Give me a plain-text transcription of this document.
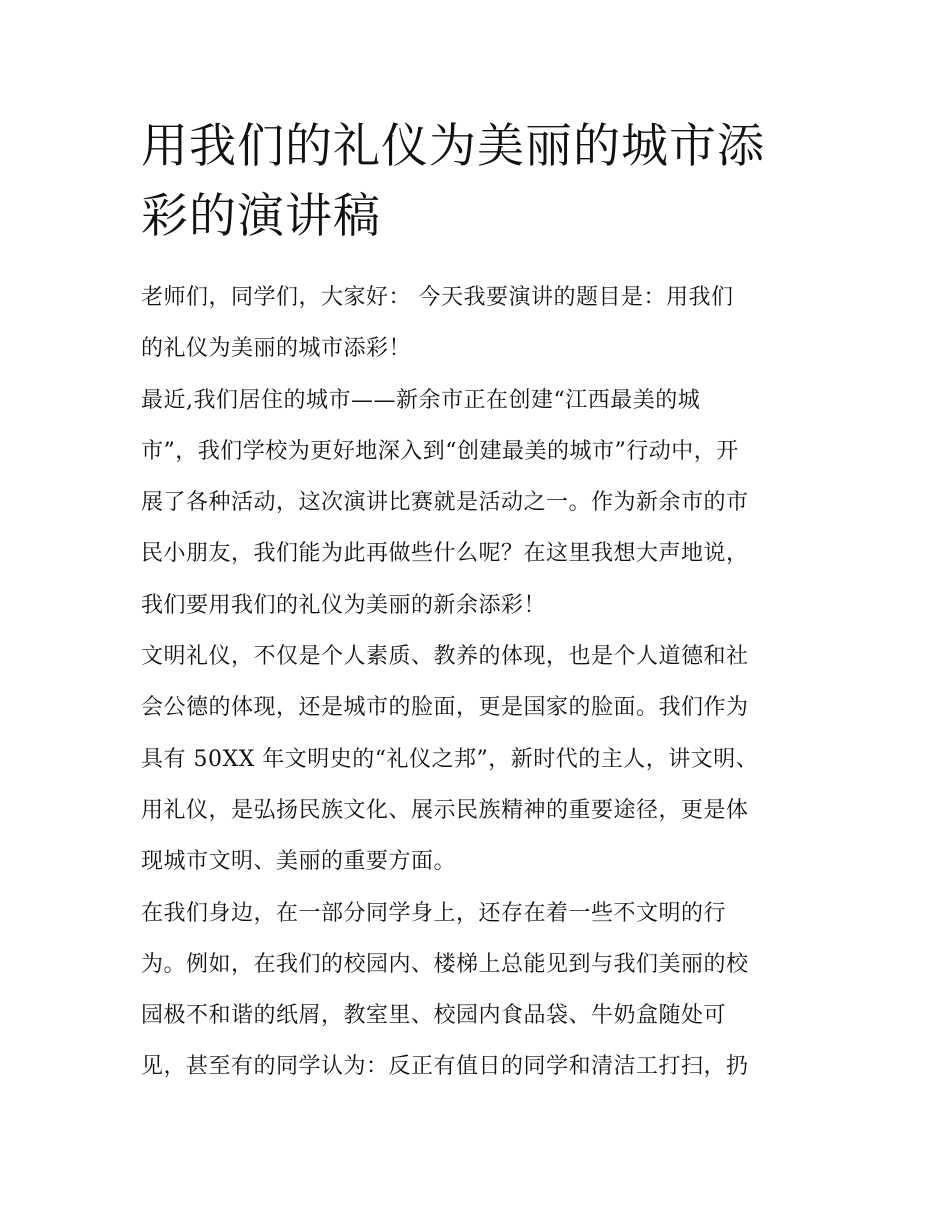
用我们的礼仪为美丽的城市添
彩的演讲稿
老师们，同学们，大家好： 今天我要演讲的题目是：用我们
的礼仪为美丽的城市添彩！
最近,我们居住的城市——新余市正在创建“江西最美的城
市”，我们学校为更好地深入到“创建最美的城市”行动中，开
展了各种活动，这次演讲比赛就是活动之一。作为新余市的市
民小朋友，我们能为此再做些什么呢？在这里我想大声地说，
我们要用我们的礼仪为美丽的新余添彩！
文明礼仪，不仅是个人素质、教养的体现，也是个人道德和社
会公德的体现，还是城市的脸面，更是国家的脸面。我们作为
具有 50XX 年文明史的“礼仪之邦”，新时代的主人，讲文明、
用礼仪，是弘扬民族文化、展示民族精神的重要途径，更是体
现城市文明、美丽的重要方面。
在我们身边，在一部分同学身上，还存在着一些不文明的行
为。例如，在我们的校园内、楼梯上总能见到与我们美丽的校
园极不和谐的纸屑，教室里、校园内食品袋、牛奶盒随处可
见，甚至有的同学认为：反正有值日的同学和清洁工打扫，扔
